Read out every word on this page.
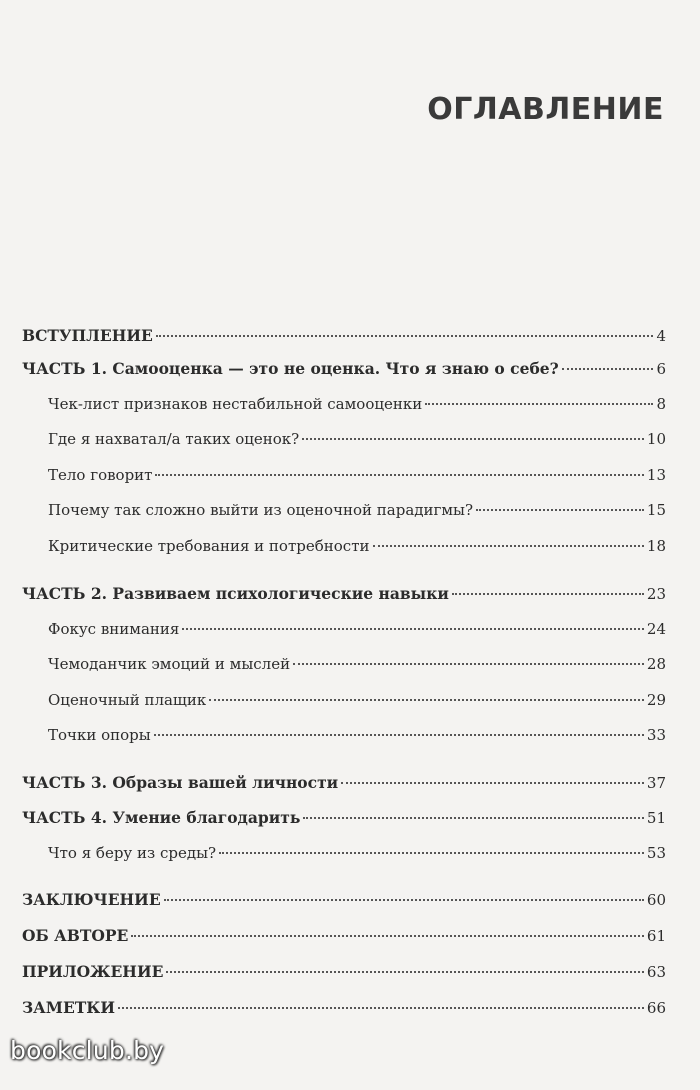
ОГЛАВЛЕНИЕ
ВСТУПЛЕНИЕ	4
ЧАСТЬ 1. Самооценка — это не оценка. Что я знаю о себе?	6
Чек-лист признаков нестабильной самооценки	8
Где я нахватал/а таких оценок?	10
Тело говорит	13
Почему так сложно выйти из оценочной парадигмы?	15
Критические требования и потребности	18
ЧАСТЬ 2. Развиваем психологические навыки	23
Фокус внимания	24
Чемоданчик эмоций и мыслей	28
Оценочный плащик	29
Точки опоры	33
ЧАСТЬ 3. Образы вашей личности	37
ЧАСТЬ 4. Умение благодарить	51
Что я беру из среды?	53
ЗАКЛЮЧЕНИЕ	60
ОБ АВТОРЕ	61
ПРИЛОЖЕНИЕ	63
ЗАМЕТКИ	66
bookclub.by
